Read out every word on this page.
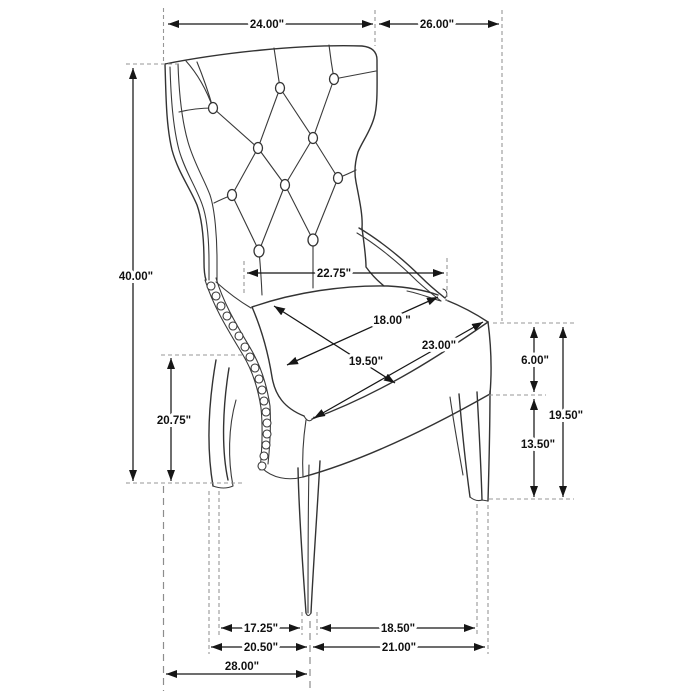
24.00"	26.00"
40.00"
20.75"
22.75"
18.00 "
19.50"
23.00"
6.00"
13.50"
19.50"
17.25"	18.50"
20.50"	21.00"
28.00"
